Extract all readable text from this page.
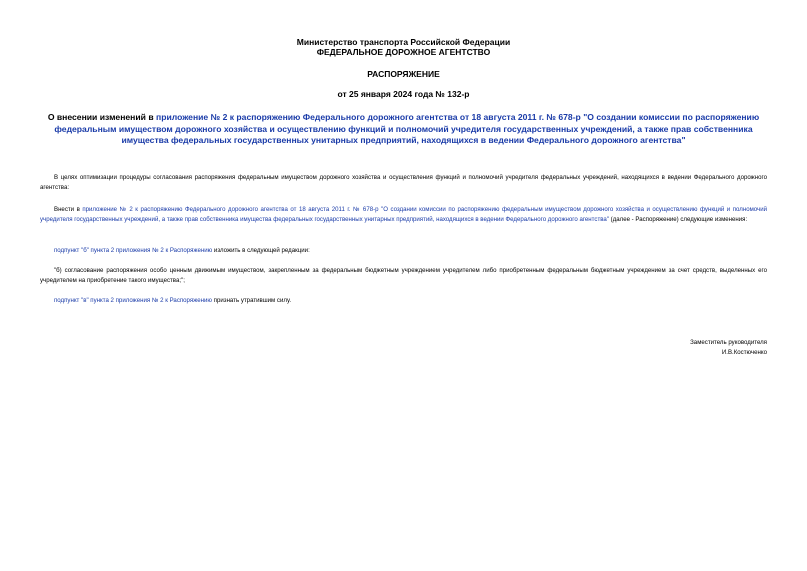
Министерство транспорта Российской Федерации
ФЕДЕРАЛЬНОЕ ДОРОЖНОЕ АГЕНТСТВО
РАСПОРЯЖЕНИЕ
от 25 января 2024 года № 132-р
О внесении изменений в приложение № 2 к распоряжению Федерального дорожного агентства от 18 августа 2011 г. № 678-р "О создании комиссии по распоряжению федеральным имуществом дорожного хозяйства и осуществлению функций и полномочий учредителя государственных учреждений, а также прав собственника имущества федеральных государственных унитарных предприятий, находящихся в ведении Федерального дорожного агентства"
В целях оптимизации процедуры согласования распоряжения федеральным имуществом дорожного хозяйства и осуществления функций и полномочий учредителя федеральных учреждений, находящихся в ведении Федерального дорожного агентства:
Внести в приложение № 2 к распоряжению Федерального дорожного агентства от 18 августа 2011 г. № 678-р "О создании комиссии по распоряжению федеральным имуществом дорожного хозяйства и осуществлению функций и полномочий учредителя государственных учреждений, а также прав собственника имущества федеральных государственных унитарных предприятий, находящихся в ведении Федерального дорожного агентства" (далее - Распоряжение) следующие изменения:
подпункт "б" пункта 2 приложения № 2 к Распоряжению изложить в следующей редакции:
"б) согласование распоряжения особо ценным движимым имуществом, закрепленным за федеральным бюджетным учреждением учредителем либо приобретенным федеральным бюджетным учреждением за счет средств, выделенных его учредителем на приобретение такого имущества;";
подпункт "в" пункта 2 приложения № 2 к Распоряжению признать утратившим силу.
Заместитель руководителя
И.В.Костюченко
